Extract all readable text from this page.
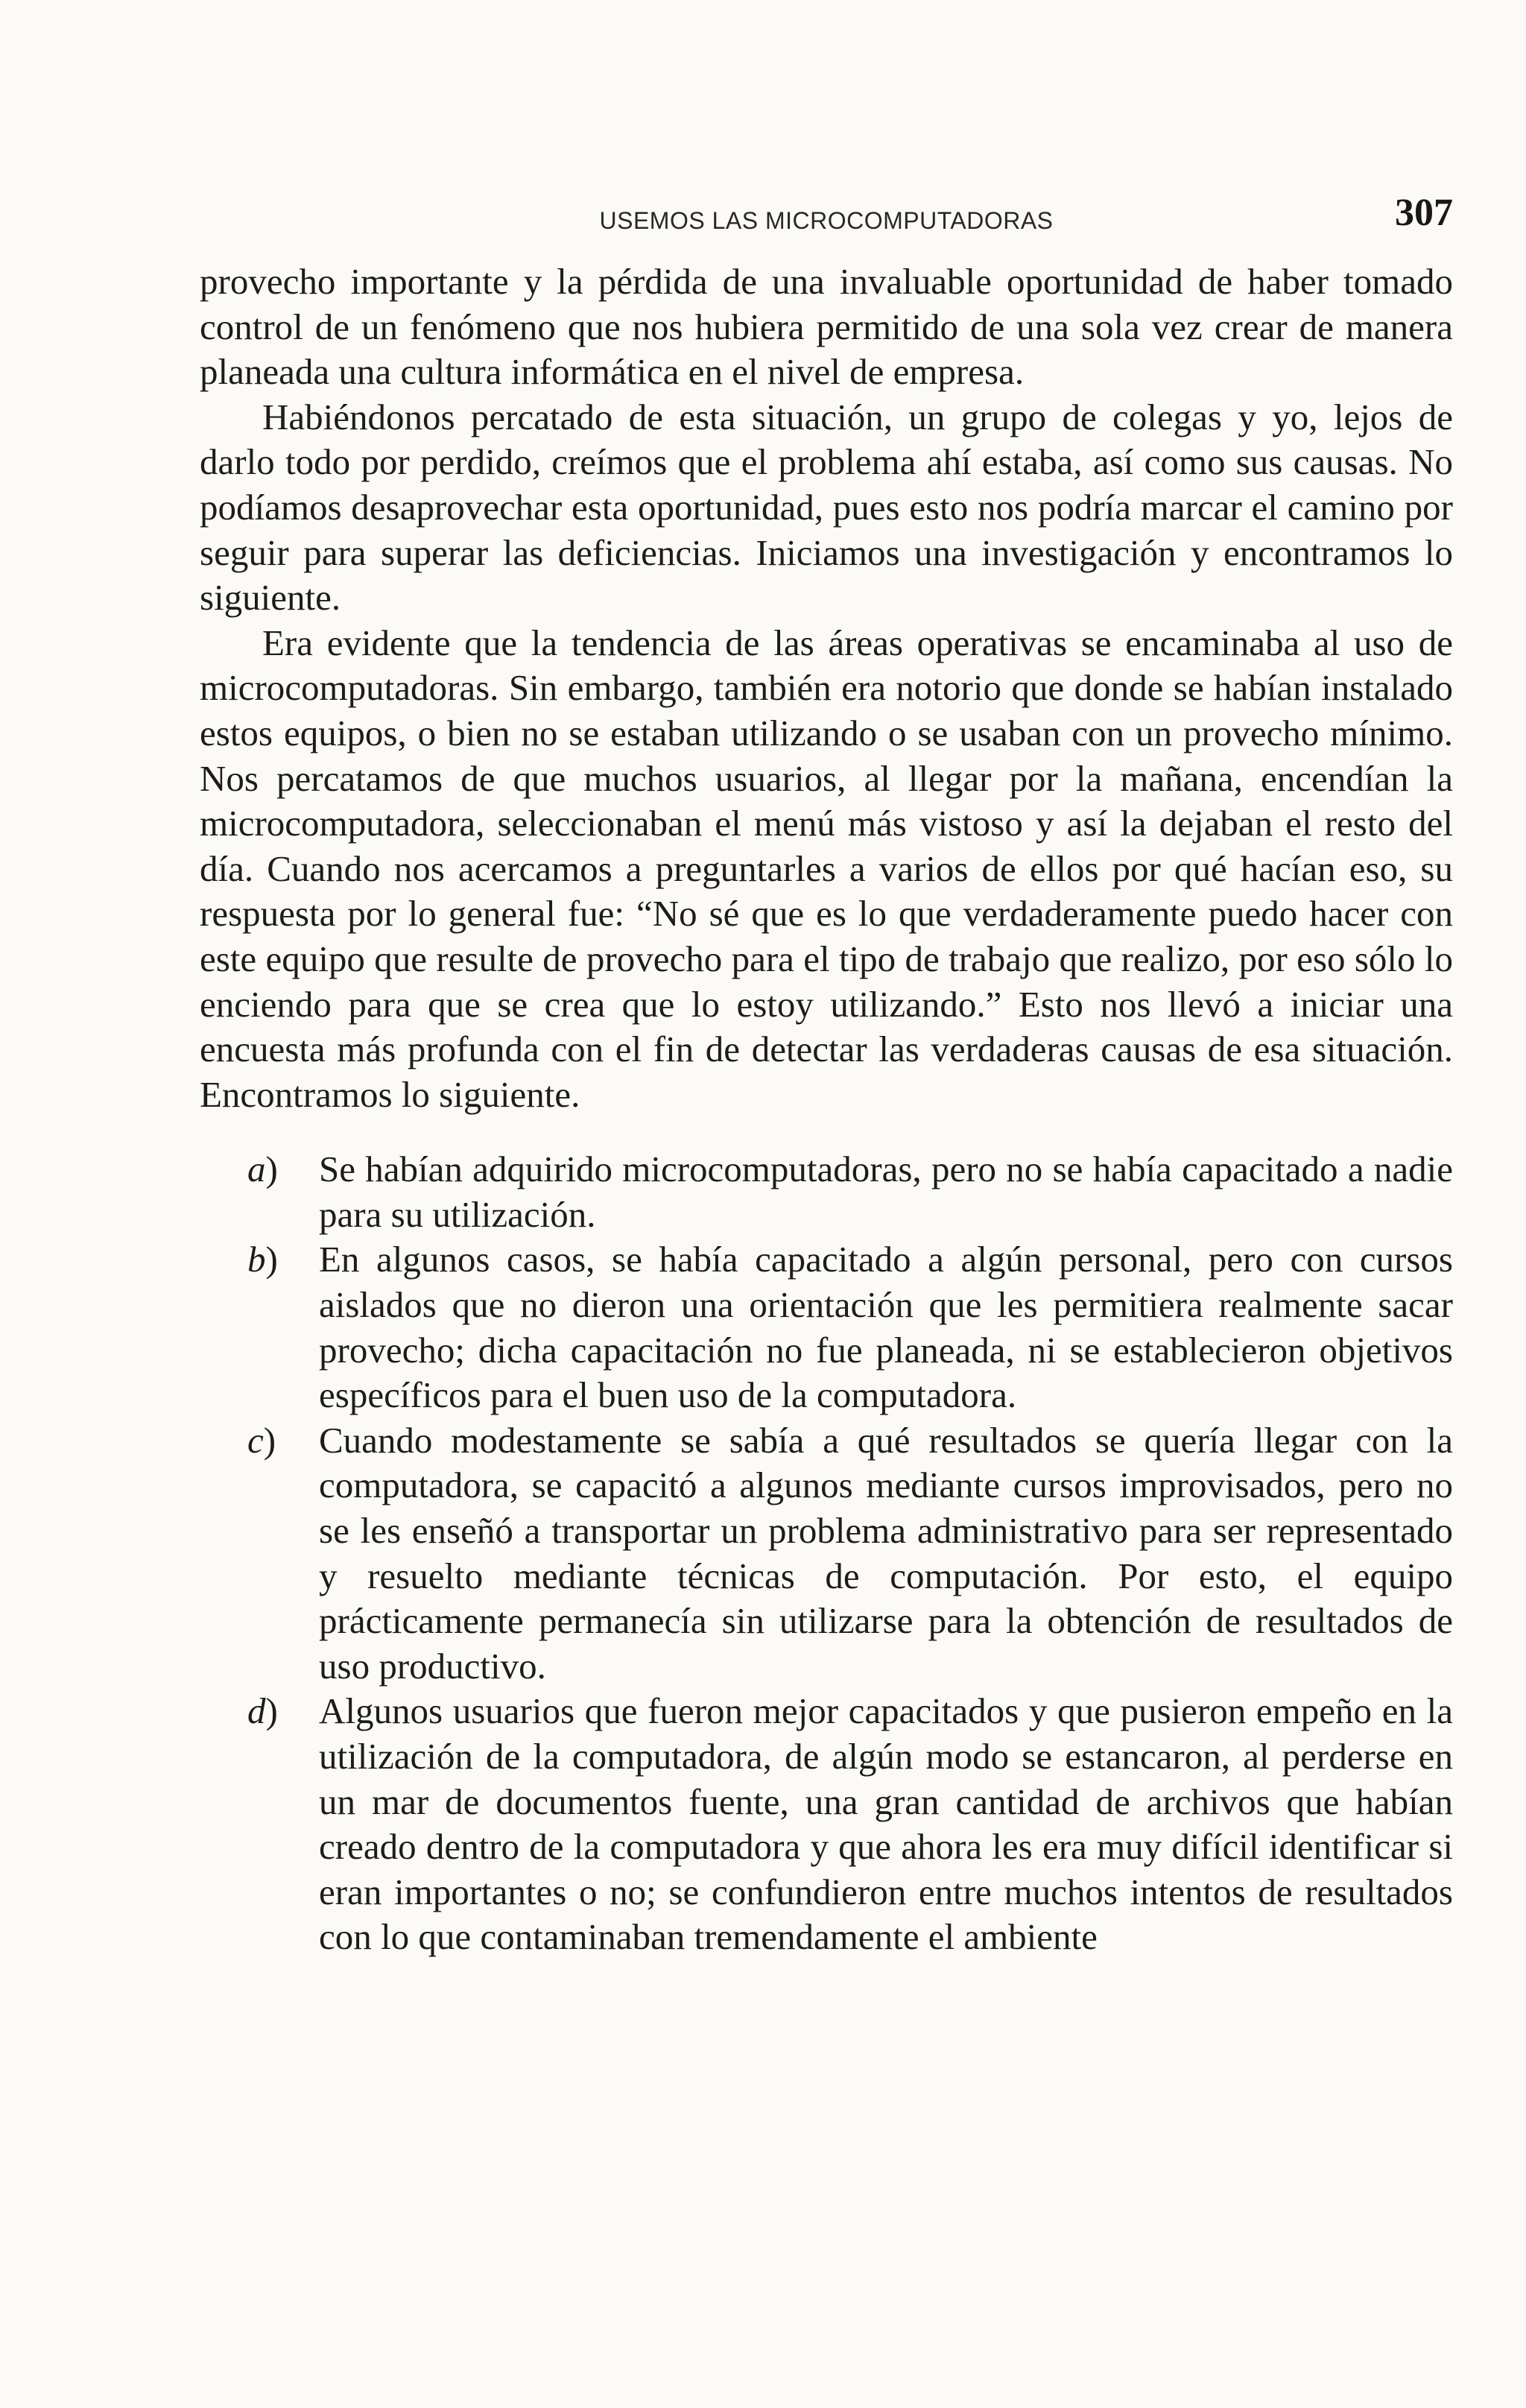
USEMOS LAS MICROCOMPUTADORAS	307

provecho importante y la pérdida de una invaluable oportunidad de haber tomado control de un fenómeno que nos hubiera permitido de una sola vez crear de manera planeada una cultura informática en el nivel de empresa.

Habiéndonos percatado de esta situación, un grupo de colegas y yo, lejos de darlo todo por perdido, creímos que el problema ahí estaba, así como sus causas. No podíamos desaprovechar esta oportunidad, pues esto nos podría marcar el camino por seguir para superar las deficiencias. Iniciamos una investigación y encontramos lo siguiente.

Era evidente que la tendencia de las áreas operativas se encaminaba al uso de microcomputadoras. Sin embargo, también era notorio que donde se habían instalado estos equipos, o bien no se estaban utilizando o se usaban con un provecho mínimo. Nos percatamos de que muchos usuarios, al llegar por la mañana, encendían la microcomputadora, seleccionaban el menú más vistoso y así la dejaban el resto del día. Cuando nos acercamos a preguntarles a varios de ellos por qué hacían eso, su respuesta por lo general fue: “No sé que es lo que verdaderamente puedo hacer con este equipo que resulte de provecho para el tipo de trabajo que realizo, por eso sólo lo enciendo para que se crea que lo estoy utilizando.” Esto nos llevó a iniciar una encuesta más profunda con el fin de detectar las verdaderas causas de esa situación. Encontramos lo siguiente.

a)	Se habían adquirido microcomputadoras, pero no se había capacitado a nadie para su utilización.

b)	En algunos casos, se había capacitado a algún personal, pero con cursos aislados que no dieron una orientación que les permitiera realmente sacar provecho; dicha capacitación no fue planeada, ni se establecieron objetivos específicos para el buen uso de la computadora.

c)	Cuando modestamente se sabía a qué resultados se quería llegar con la computadora, se capacitó a algunos mediante cursos improvisados, pero no se les enseñó a transportar un problema administrativo para ser representado y resuelto mediante técnicas de computación. Por esto, el equipo prácticamente permanecía sin utilizarse para la obtención de resultados de uso productivo.

d)	Algunos usuarios que fueron mejor capacitados y que pusieron empeño en la utilización de la computadora, de algún modo se estancaron, al perderse en un mar de documentos fuente, una gran cantidad de archivos que habían creado dentro de la computadora y que ahora les era muy difícil identificar si eran importantes o no; se confundieron entre muchos intentos de resultados con lo que contaminaban tremendamente el ambiente
